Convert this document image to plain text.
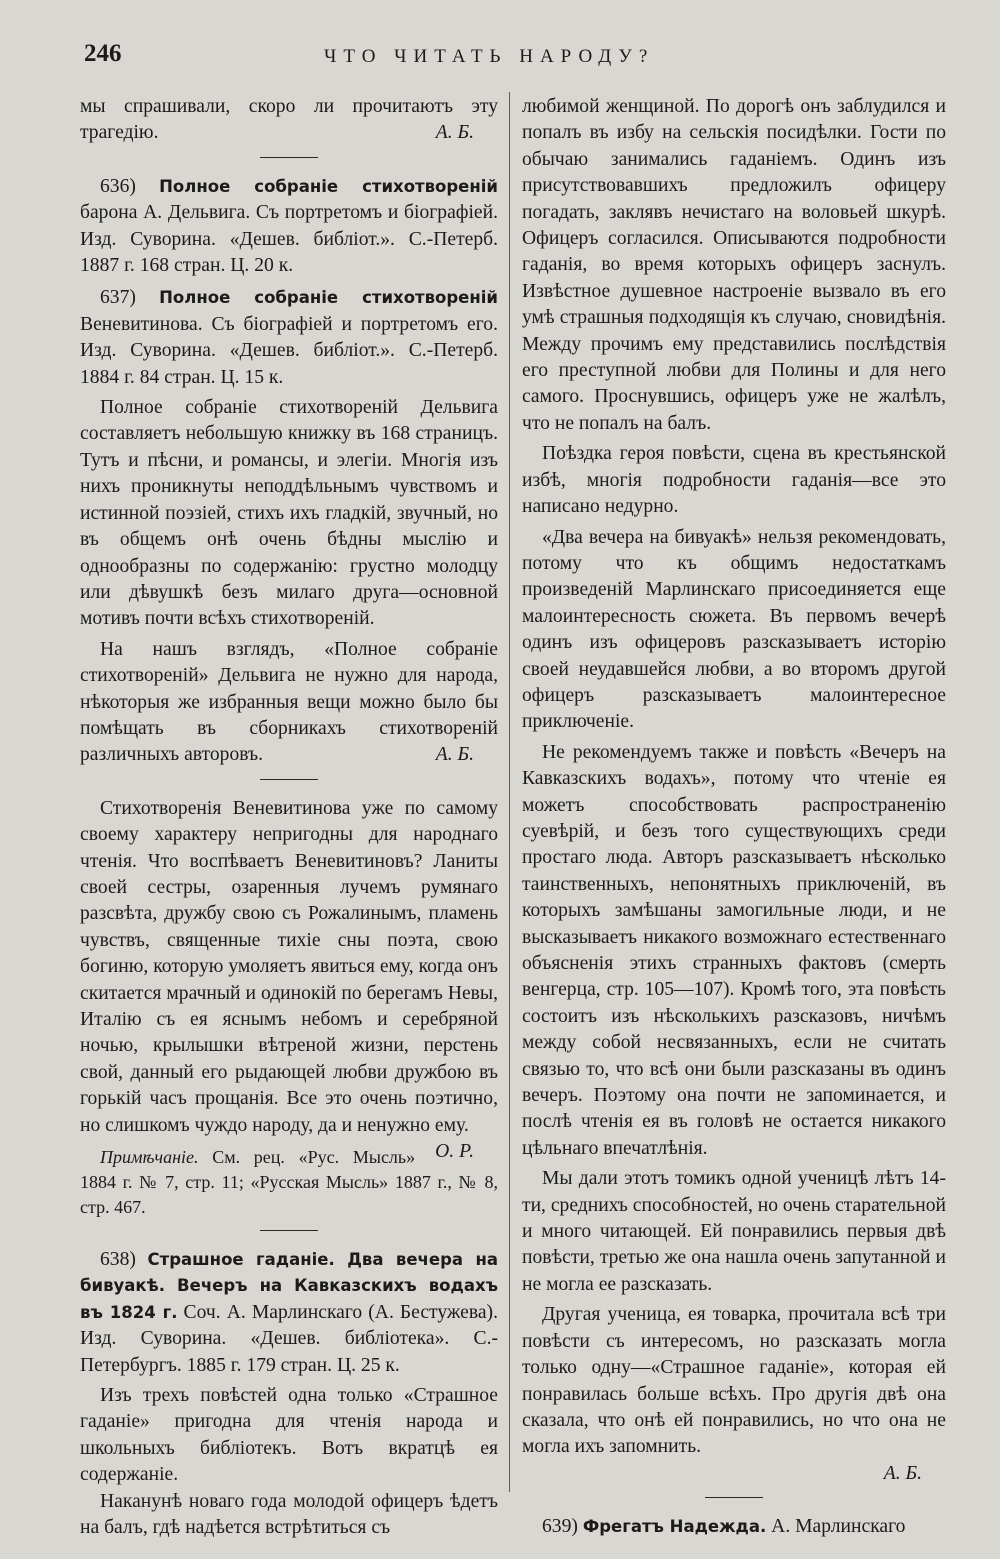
246	ЧТО ЧИТАТЬ НАРОДУ?

мы спрашивали, скоро ли прочитаютъ эту трагедію.	А. Б.

636) Полное собраніе стихотвореній барона А. Дельвига. Съ портретомъ и біографіей. Изд. Суворина. «Дешев. библіот.». С.-Петерб. 1887 г. 168 стран. Ц. 20 к.

637) Полное собраніе стихотвореній Веневитинова. Съ біографіей и портретомъ его. Изд. Суворина. «Дешев. библіот.». С.-Петерб. 1884 г. 84 стран. Ц. 15 к.

Полное собраніе стихотвореній Дельвига составляетъ небольшую книжку въ 168 страницъ. Тутъ и пѣсни, и романсы, и элегіи. Многія изъ нихъ проникнуты неподдѣльнымъ чувствомъ и истинной поэзіей, стихъ ихъ гладкій, звучный, но въ общемъ онѣ очень бѣдны мыслію и однообразны по содержанію: грустно молодцу или дѣвушкѣ безъ милаго друга—основной мотивъ почти всѣхъ стихотвореній.

На нашъ взглядъ, «Полное собраніе стихотвореній» Дельвига не нужно для народа, нѣкоторыя же избранныя вещи можно было бы помѣщать въ сборникахъ стихотвореній различныхъ авторовъ.	А. Б.

Стихотворенія Веневитинова уже по самому своему характеру непригодны для народнаго чтенія. Что воспѣваетъ Веневитиновъ? Ланиты своей сестры, озаренныя лучемъ румянаго разсвѣта, дружбу свою съ Рожалинымъ, пламень чувствъ, священные тихіе сны поэта, свою богиню, которую умоляетъ явиться ему, когда онъ скитается мрачный и одинокій по берегамъ Невы, Италію съ ея яснымъ небомъ и серебряной ночью, крылышки вѣтреной жизни, перстень свой, данный его рыдающей любви дружбою въ горькій часъ прощанія. Все это очень поэтично, но слишкомъ чуждо народу, да и ненужно ему.
О. Р.

Примѣчаніе. См. рец. «Рус. Мысль» 1884 г. № 7, стр. 11; «Русская Мысль» 1887 г., № 8, стр. 467.

638) Страшное гаданіе. Два вечера на бивуакѣ. Вечеръ на Кавказскихъ водахъ въ 1824 г. Соч. А. Марлинскаго (А. Бестужева). Изд. Суворина. «Дешев. библіотека». С.-Петербургъ. 1885 г. 179 стран. Ц. 25 к.

Изъ трехъ повѣстей одна только «Страшное гаданіе» пригодна для чтенія народа и школьныхъ библіотекъ. Вотъ вкратцѣ ея содержаніе.

Наканунѣ новаго года молодой офицеръ ѣдетъ на балъ, гдѣ надѣется встрѣтиться съ

любимой женщиной. По дорогѣ онъ заблудился и попалъ въ избу на сельскія посидѣлки. Гости по обычаю занимались гаданіемъ. Одинъ изъ присутствовавшихъ предложилъ офицеру погадать, заклявъ нечистаго на воловьей шкурѣ. Офицеръ согласился. Описываются подробности гаданія, во время которыхъ офицеръ заснулъ. Извѣстное душевное настроеніе вызвало въ его умѣ страшныя подходящія къ случаю, сновидѣнія. Между прочимъ ему представились послѣдствія его преступной любви для Полины и для него самого. Проснувшись, офицеръ уже не жалѣлъ, что не попалъ на балъ.

Поѣздка героя повѣсти, сцена въ крестьянской избѣ, многія подробности гаданія—все это написано недурно.

«Два вечера на бивуакѣ» нельзя рекомендовать, потому что къ общимъ недостаткамъ произведеній Марлинскаго присоединяется еще малоинтересность сюжета. Въ первомъ вечерѣ одинъ изъ офицеровъ разсказываетъ исторію своей неудавшейся любви, а во второмъ другой офицеръ разсказываетъ малоинтересное приключеніе.

Не рекомендуемъ также и повѣсть «Вечеръ на Кавказскихъ водахъ», потому что чтеніе ея можетъ способствовать распространенію суевѣрій, и безъ того существующихъ среди простаго люда. Авторъ разсказываетъ нѣсколько таинственныхъ, непонятныхъ приключеній, въ которыхъ замѣшаны замогильные люди, и не высказываетъ никакого возможнаго естественнаго объясненія этихъ странныхъ фактовъ (смерть венгерца, стр. 105—107). Кромѣ того, эта повѣсть состоитъ изъ нѣсколькихъ разсказовъ, ничѣмъ между собой несвязанныхъ, если не считать связью то, что всѣ они были разсказаны въ одинъ вечеръ. Поэтому она почти не запоминается, и послѣ чтенія ея въ головѣ не остается никакого цѣльнаго впечатлѣнія.

Мы дали этотъ томикъ одной ученицѣ лѣтъ 14-ти, среднихъ способностей, но очень старательной и много читающей. Ей понравились первыя двѣ повѣсти, третью же она нашла очень запутанной и не могла ее разсказать.

Другая ученица, ея товарка, прочитала всѣ три повѣсти съ интересомъ, но разсказать могла только одну—«Страшное гаданіе», которая ей понравилась больше всѣхъ. Про другія двѣ она сказала, что онѣ ей понравились, но что она не могла ихъ запомнить.

А. Б.

639) Фрегатъ Надежда. А. Марлинскаго
